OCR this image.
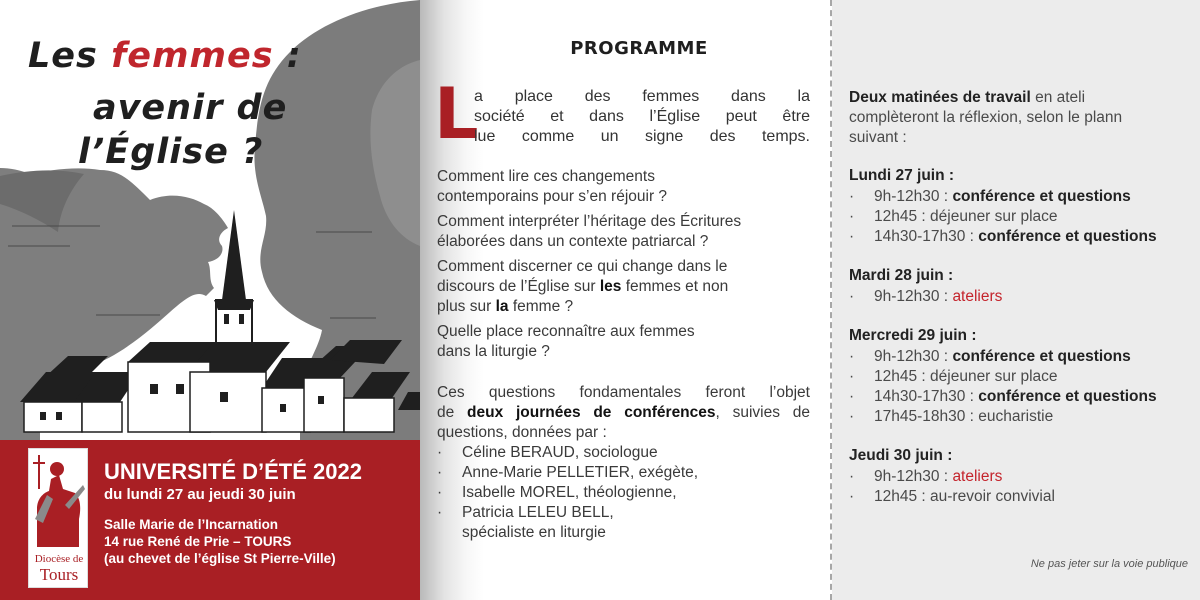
Les femmes :
avenir de
l’Église ?
Diocèse de
Tours
UNIVERSITÉ D’ÉTÉ 2022
du lundi 27 au jeudi 30 juin
Salle Marie de l’Incarnation
14 rue René de Prie – TOURS
(au chevet de l’église St Pierre-Ville)
PROGRAMME
L
a place des femmes dans la
société et dans l’Église peut être
lue comme un signe des temps.
Comment lire ces changements
contemporains pour s’en réjouir ?
Comment interpréter l’héritage des Écritures
élaborées dans un contexte patriarcal ?
Comment discerner ce qui change dans le
discours de l’Église sur les femmes et non
plus sur la femme ?
Quelle place reconnaître aux femmes
dans la liturgie ?
Ces questions fondamentales feront l’objet
de deux journées de conférences, suivies de
questions, données par :
· Céline BERAUD, sociologue
· Anne-Marie PELLETIER, exégète,
· Isabelle MOREL, théologienne,
· Patricia LELEU BELL,
spécialiste en liturgie
Deux matinées de travail en ateli
complèteront la réflexion, selon le plann
suivant :
Lundi 27 juin :
· 9h-12h30 : conférence et questions
· 12h45 : déjeuner sur place
· 14h30-17h30 : conférence et questions
Mardi 28 juin :
· 9h-12h30 : ateliers
Mercredi 29 juin :
· 9h-12h30 : conférence et questions
· 12h45 : déjeuner sur place
· 14h30-17h30 : conférence et questions
· 17h45-18h30 : eucharistie
Jeudi 30 juin :
· 9h-12h30 : ateliers
· 12h45 : au-revoir convivial
Ne pas jeter sur la voie publique
